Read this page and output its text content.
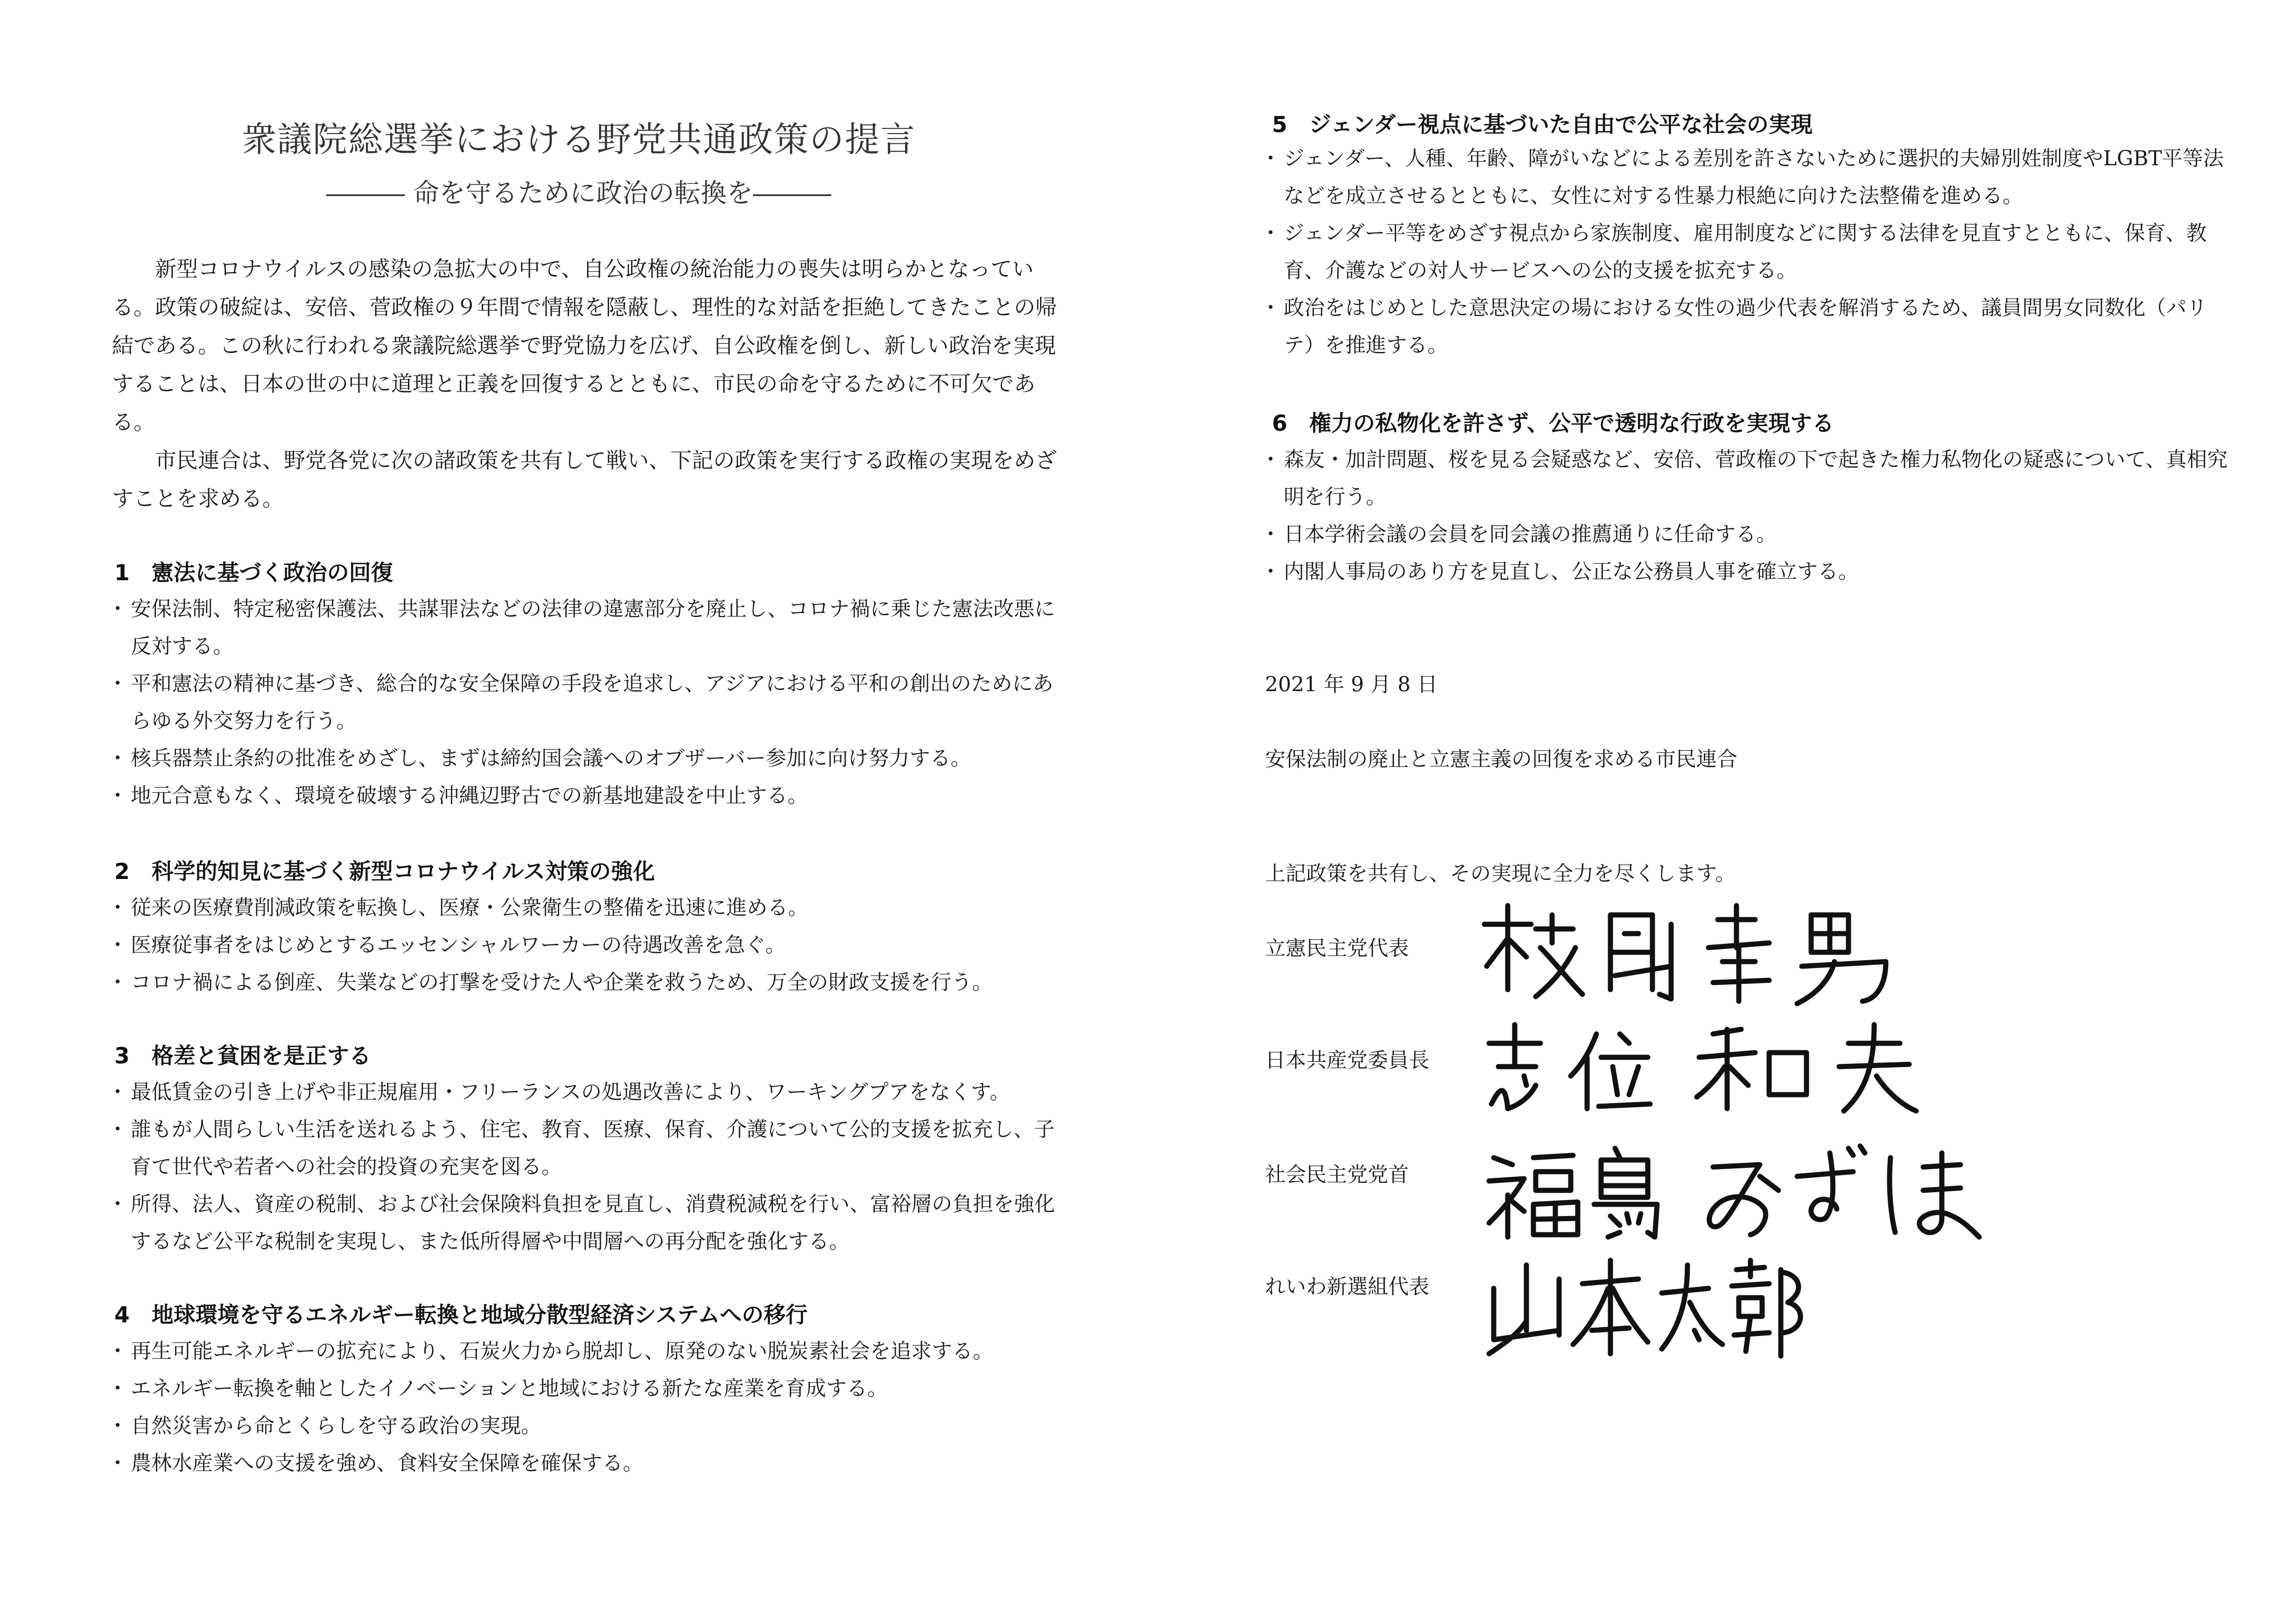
衆議院総選挙における野党共通政策の提言
――― 命を守るために政治の転換を―――

新型コロナウイルスの感染の急拡大の中で、自公政権の統治能力の喪失は明らかとなっている。政策の破綻は、安倍、菅政権の９年間で情報を隠蔽し、理性的な対話を拒絶してきたことの帰結である。この秋に行われる衆議院総選挙で野党協力を広げ、自公政権を倒し、新しい政治を実現することは、日本の世の中に道理と正義を回復するとともに、市民の命を守るために不可欠である。

市民連合は、野党各党に次の諸政策を共有して戦い、下記の政策を実行する政権の実現をめざすことを求める。

1　憲法に基づく政治の回復
・ 安保法制、特定秘密保護法、共謀罪法などの法律の違憲部分を廃止し、コロナ禍に乗じた憲法改悪に反対する。
・ 平和憲法の精神に基づき、総合的な安全保障の手段を追求し、アジアにおける平和の創出のためにあらゆる外交努力を行う。
・ 核兵器禁止条約の批准をめざし、まずは締約国会議へのオブザーバー参加に向け努力する。
・ 地元合意もなく、環境を破壊する沖縄辺野古での新基地建設を中止する。
2　科学的知見に基づく新型コロナウイルス対策の強化
・ 従来の医療費削減政策を転換し、医療・公衆衛生の整備を迅速に進める。
・ 医療従事者をはじめとするエッセンシャルワーカーの待遇改善を急ぐ。
・ コロナ禍による倒産、失業などの打撃を受けた人や企業を救うため、万全の財政支援を行う。
3　格差と貧困を是正する
・ 最低賃金の引き上げや非正規雇用・フリーランスの処遇改善により、ワーキングプアをなくす。
・ 誰もが人間らしい生活を送れるよう、住宅、教育、医療、保育、介護について公的支援を拡充し、子育て世代や若者への社会的投資の充実を図る。
・ 所得、法人、資産の税制、および社会保険料負担を見直し、消費税減税を行い、富裕層の負担を強化するなど公平な税制を実現し、また低所得層や中間層への再分配を強化する。
4　地球環境を守るエネルギー転換と地域分散型経済システムへの移行
・ 再生可能エネルギーの拡充により、石炭火力から脱却し、原発のない脱炭素社会を追求する。
・ エネルギー転換を軸としたイノベーションと地域における新たな産業を育成する。
・ 自然災害から命とくらしを守る政治の実現。
・ 農林水産業への支援を強め、食料安全保障を確保する。
5　ジェンダー視点に基づいた自由で公平な社会の実現
・ ジェンダー、人種、年齢、障がいなどによる差別を許さないために選択的夫婦別姓制度やLGBT平等法などを成立させるとともに、女性に対する性暴力根絶に向けた法整備を進める。
・ ジェンダー平等をめざす視点から家族制度、雇用制度などに関する法律を見直すとともに、保育、教育、介護などの対人サービスへの公的支援を拡充する。
・ 政治をはじめとした意思決定の場における女性の過少代表を解消するため、議員間男女同数化（パリテ）を推進する。
6　権力の私物化を許さず、公平で透明な行政を実現する
・ 森友・加計問題、桜を見る会疑惑など、安倍、菅政権の下で起きた権力私物化の疑惑について、真相究明を行う。
・ 日本学術会議の会員を同会議の推薦通りに任命する。
・ 内閣人事局のあり方を見直し、公正な公務員人事を確立する。

2021 年 9 月 8 日

安保法制の廃止と立憲主義の回復を求める市民連合

上記政策を共有し、その実現に全力を尽くします。

立憲民主党代表

日本共産党委員長

社会民主党党首

れいわ新選組代表
